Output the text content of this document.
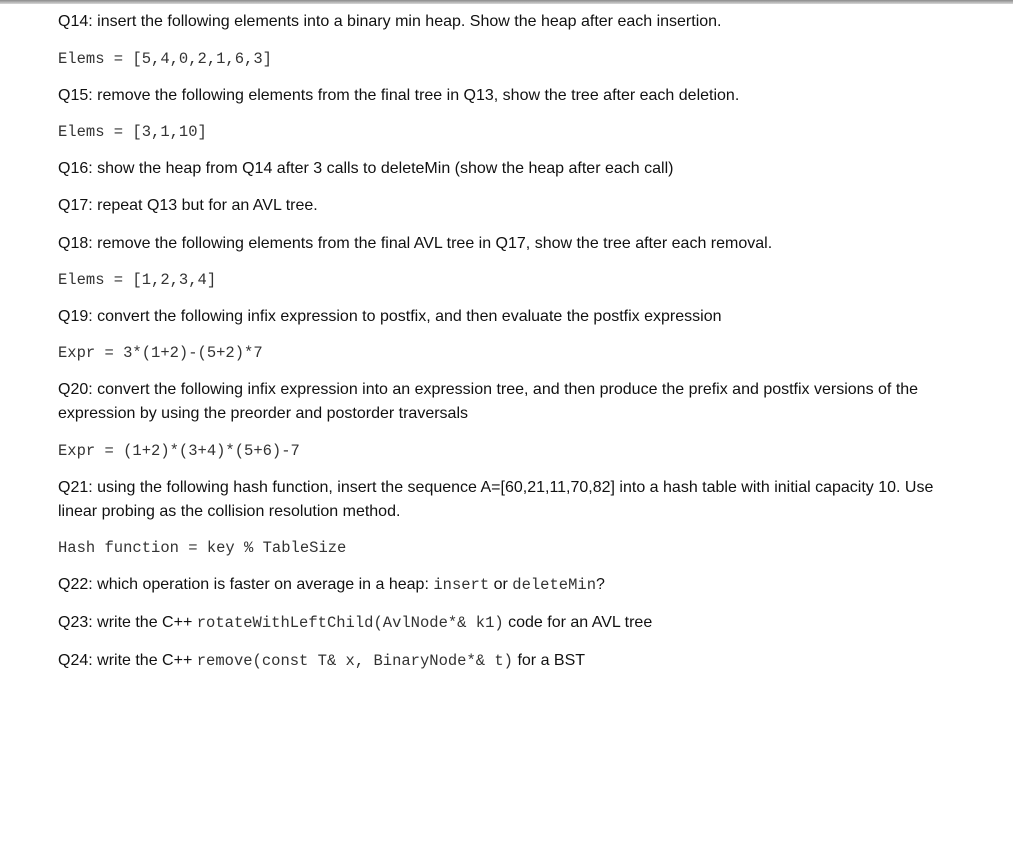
Q14: insert the following elements into a binary min heap. Show the heap after each insertion.
Elems = [5,4,0,2,1,6,3]
Q15: remove the following elements from the final tree in Q13, show the tree after each deletion.
Elems = [3,1,10]
Q16: show the heap from Q14 after 3 calls to deleteMin (show the heap after each call)
Q17: repeat Q13 but for an AVL tree.
Q18: remove the following elements from the final AVL tree in Q17, show the tree after each removal.
Elems = [1,2,3,4]
Q19: convert the following infix expression to postfix, and then evaluate the postfix expression
Expr = 3*(1+2)-(5+2)*7
Q20: convert the following infix expression into an expression tree, and then produce the prefix and postfix versions of the expression by using the preorder and postorder traversals
Expr = (1+2)*(3+4)*(5+6)-7
Q21: using the following hash function, insert the sequence A=[60,21,11,70,82] into a hash table with initial capacity 10. Use linear probing as the collision resolution method.
Hash function = key % TableSize
Q22: which operation is faster on average in a heap: insert or deleteMin?
Q23: write the C++ rotateWithLeftChild(AvlNode*& k1) code for an AVL tree
Q24: write the C++ remove(const T& x, BinaryNode*& t) for a BST
